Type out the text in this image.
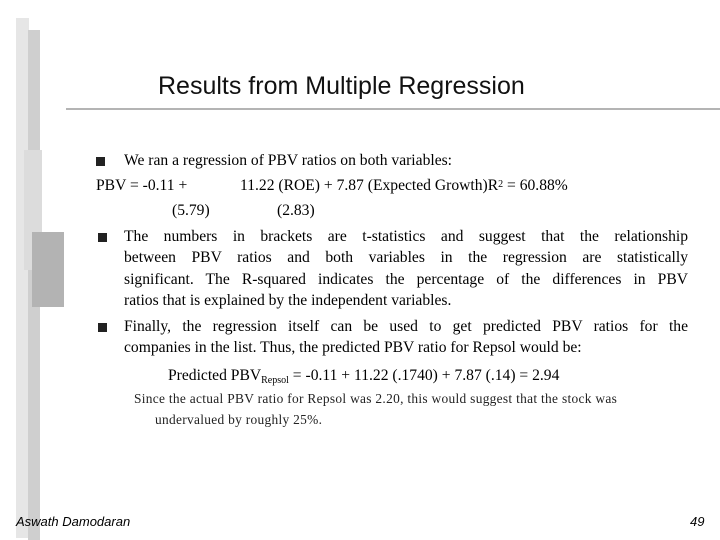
Results from Multiple Regression
We ran a regression of PBV ratios on both variables:
PBV = -0.11 +	11.22 (ROE) + 7.87 (Expected $Growth)R^2 = 60.88\%$
(5.79)	(2.83)
The numbers in brackets are t-statistics and suggest that the relationship
between PBV ratios and both variables in the regression are statistically
significant. The R-squared indicates the percentage of the differences in PBV
ratios that is explained by the independent variables.
Finally, the regression itself can be used to get predicted PBV ratios for the
companies in the list. Thus, the predicted PBV ratio for Repsol would be:
Predicted $PBV_{Repsol} = -0.11 + 11.22$ (.1740) + 7.87 (.14) = 2.94
Since the actual PBV ratio for Repsol was 2.20, this would suggest that the stock was
undervalued by roughly 25%.
Aswath Damodaran	49
